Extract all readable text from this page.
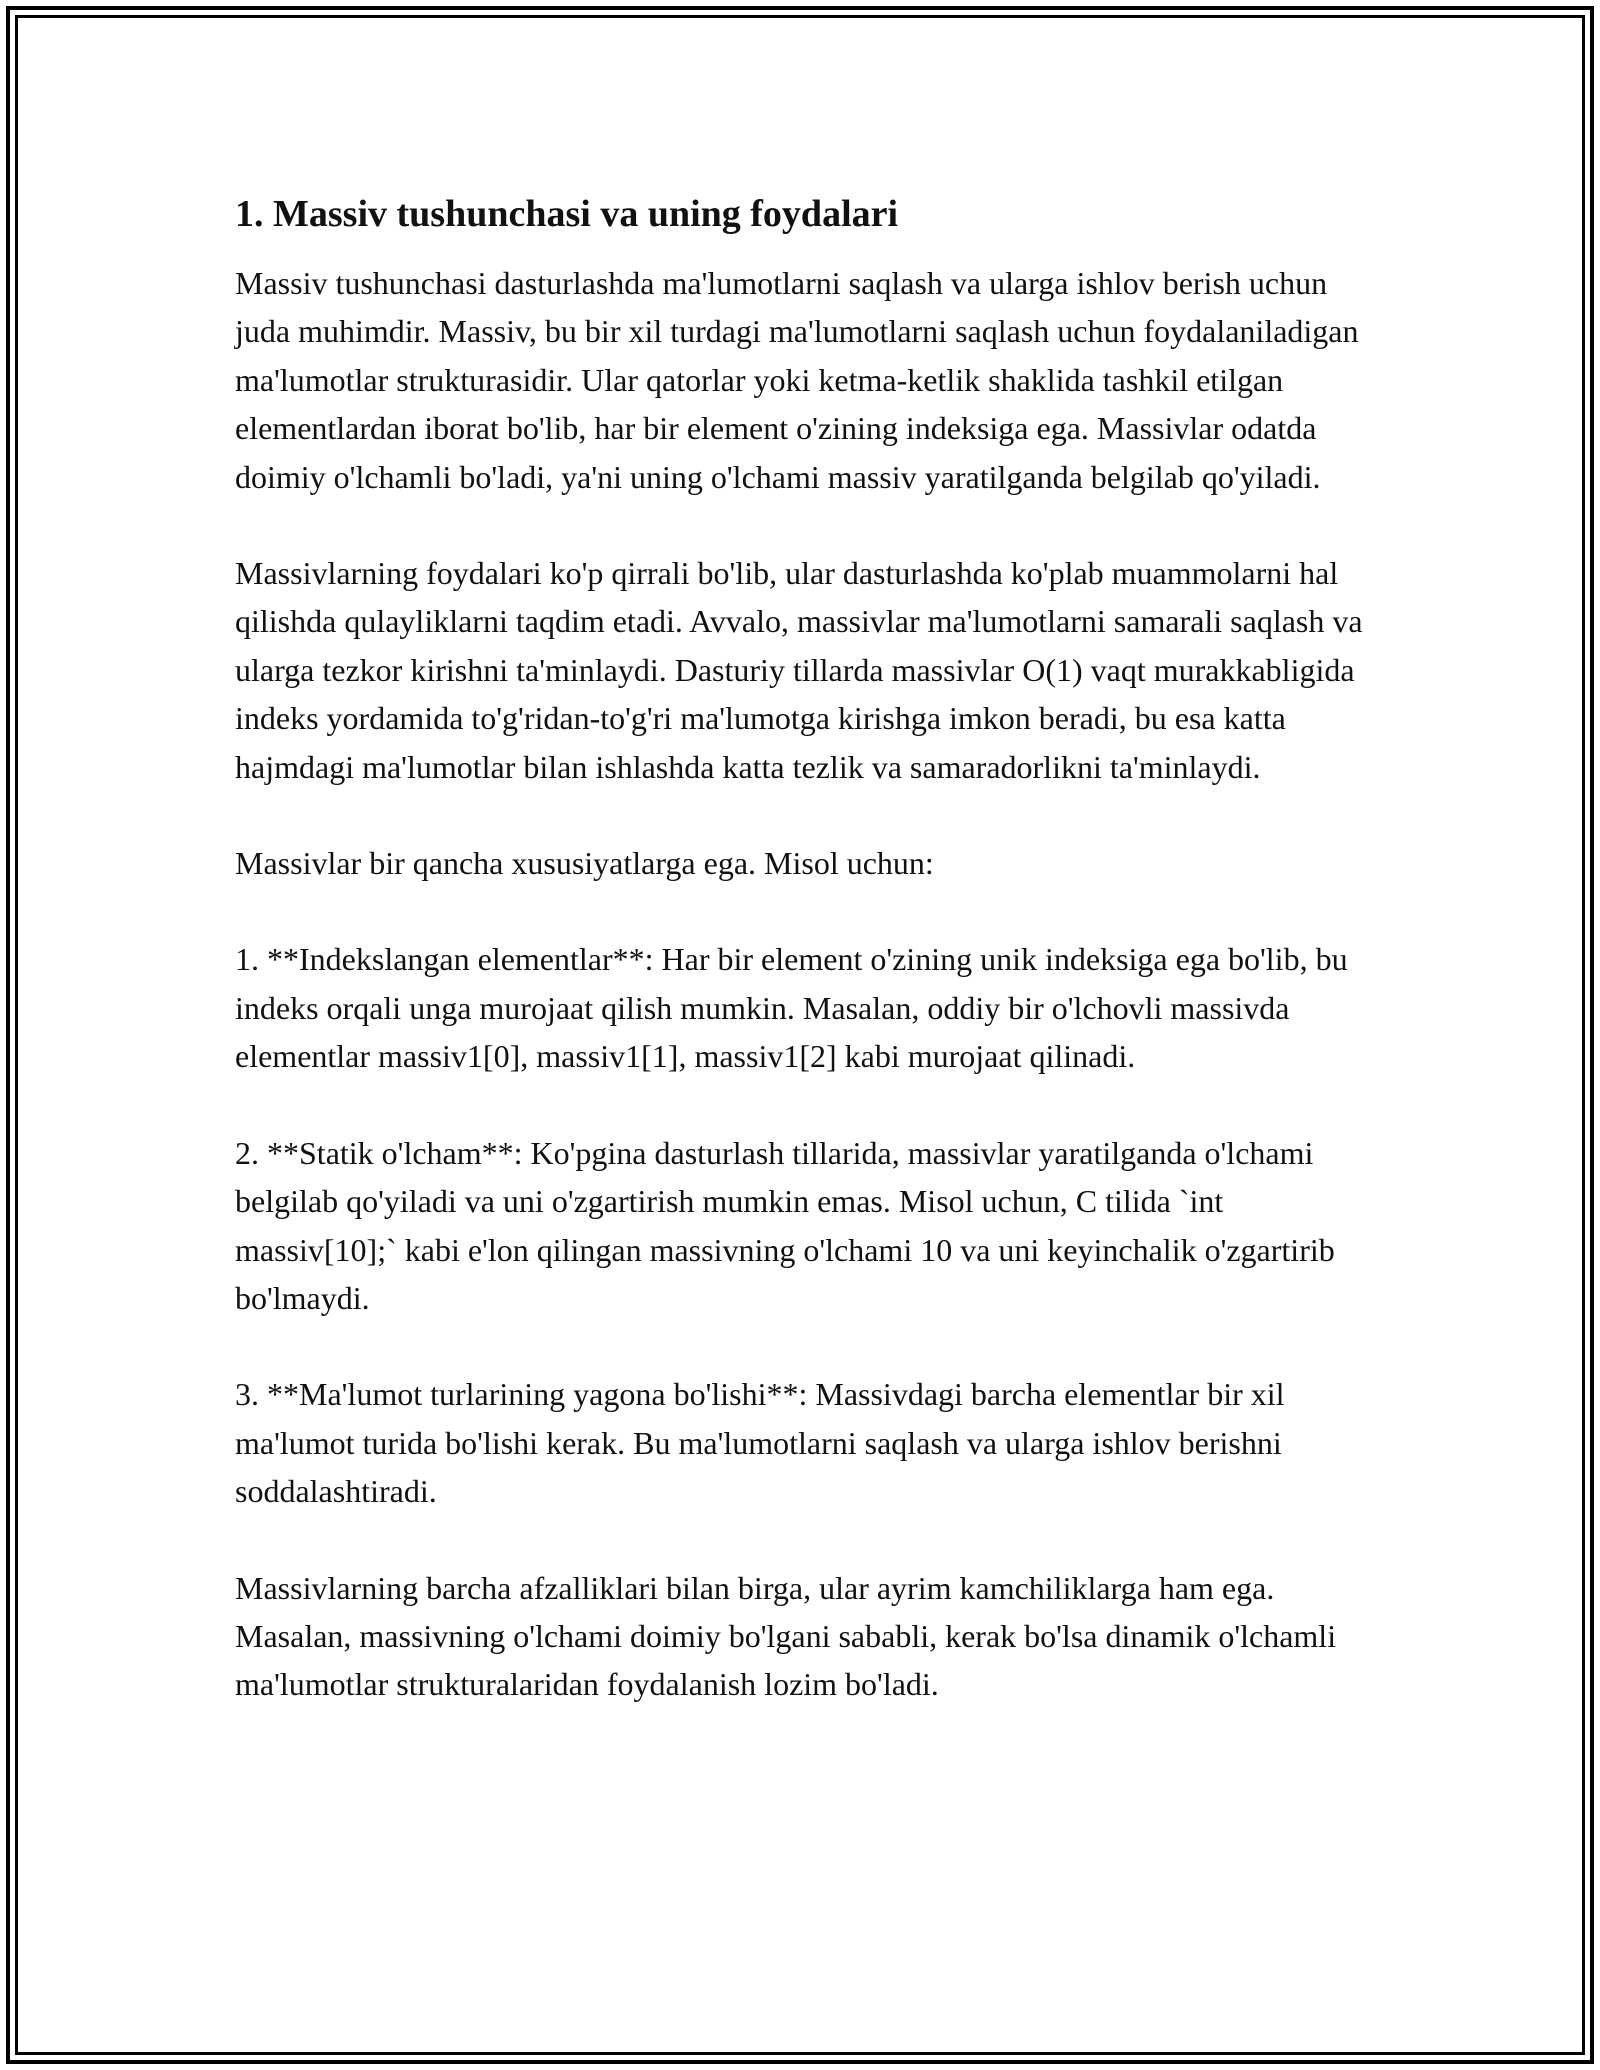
1. Massiv tushunchasi va uning foydalari

Massiv tushunchasi dasturlashda ma'lumotlarni saqlash va ularga ishlov berish uchun juda muhimdir. Massiv, bu bir xil turdagi ma'lumotlarni saqlash uchun foydalaniladigan ma'lumotlar strukturasidir. Ular qatorlar yoki ketma-ketlik shaklida tashkil etilgan elementlardan iborat bo'lib, har bir element o'zining indeksiga ega. Massivlar odatda doimiy o'lchamli bo'ladi, ya'ni uning o'lchami massiv yaratilganda belgilab qo'yiladi.

Massivlarning foydalari ko'p qirrali bo'lib, ular dasturlashda ko'plab muammolarni hal qilishda qulayliklarni taqdim etadi. Avvalo, massivlar ma'lumotlarni samarali saqlash va ularga tezkor kirishni ta'minlaydi. Dasturiy tillarda massivlar O(1) vaqt murakkabligida indeks yordamida to'g'ridan-to'g'ri ma'lumotga kirishga imkon beradi, bu esa katta hajmdagi ma'lumotlar bilan ishlashda katta tezlik va samaradorlikni ta'minlaydi.

Massivlar bir qancha xususiyatlarga ega. Misol uchun:

1. **Indekslangan elementlar**: Har bir element o'zining unik indeksiga ega bo'lib, bu indeks orqali unga murojaat qilish mumkin. Masalan, oddiy bir o'lchovli massivda elementlar massiv1[0], massiv1[1], massiv1[2] kabi murojaat qilinadi.

2. **Statik o'lcham**: Ko'pgina dasturlash tillarida, massivlar yaratilganda o'lchami belgilab qo'yiladi va uni o'zgartirish mumkin emas. Misol uchun, C tilida `int massiv[10];` kabi e'lon qilingan massivning o'lchami 10 va uni keyinchalik o'zgartirib bo'lmaydi.

3. **Ma'lumot turlarining yagona bo'lishi**: Massivdagi barcha elementlar bir xil ma'lumot turida bo'lishi kerak. Bu ma'lumotlarni saqlash va ularga ishlov berishni soddalashtiradi.

Massivlarning barcha afzalliklari bilan birga, ular ayrim kamchiliklarga ham ega. Masalan, massivning o'lchami doimiy bo'lgani sababli, kerak bo'lsa dinamik o'lchamli ma'lumotlar strukturalaridan foydalanish lozim bo'ladi.
